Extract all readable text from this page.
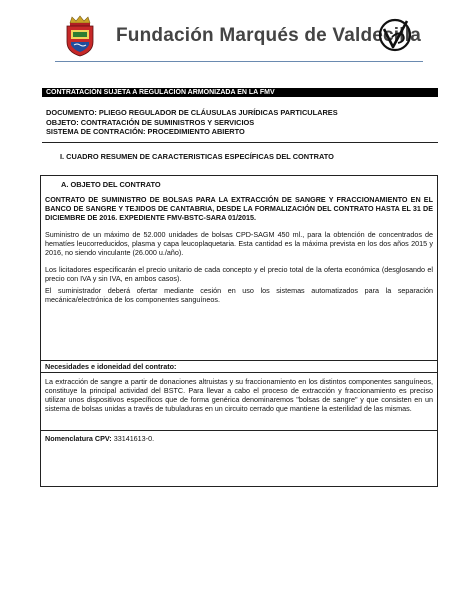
Fundación Marqués de Valdecilla
CONTRATACIÓN SUJETA A REGULACIÓN ARMONIZADA EN LA FMV
DOCUMENTO: PLIEGO REGULADOR DE CLÁUSULAS JURÍDICAS PARTICULARES
OBJETO: CONTRATACIÓN DE SUMINISTROS Y SERVICIOS
SISTEMA DE CONTRACIÓN: PROCEDIMIENTO ABIERTO
I. CUADRO RESUMEN DE CARACTERISTICAS ESPECÍFICAS DEL CONTRATO
A. OBJETO DEL CONTRATO

CONTRATO DE SUMINISTRO DE BOLSAS PARA LA EXTRACCIÓN DE SANGRE Y FRACCIONAMIENTO EN EL BANCO DE SANGRE Y TEJIDOS DE CANTABRIA, DESDE LA FORMALIZACIÓN DEL CONTRATO HASTA EL 31 DE DICIEMBRE DE 2016. EXPEDIENTE FMV-BSTC-SARA 01/2015.

Suministro de un máximo de 52.000 unidades de bolsas CPD-SAGM 450 ml., para la obtención de concentrados de hematíes leucorreducidos, plasma y capa leucoplaquetaria. Esta cantidad es la máxima prevista en los dos años 2015 y 2016, no siendo vinculante (26.000 u./año).

Los licitadores especificarán el precio unitario de cada concepto y el precio total de la oferta económica (desglosando el precio con IVA y sin IVA, en ambos casos).

El suministrador deberá ofertar mediante cesión en uso los sistemas automatizados para la separación mecánica/electrónica de los componentes sanguíneos.

Necesidades e idoneidad del contrato:

La extracción de sangre a partir de donaciones altruistas y su fraccionamiento en los distintos componentes sanguíneos, constituye la principal actividad del BSTC. Para llevar a cabo el proceso de extracción y fraccionamiento es preciso utilizar unos dispositivos específicos que de forma genérica denominaremos "bolsas de sangre" y que consisten en un sistema de bolsas unidas a través de tubuladuras en un circuito cerrado que mantiene la esterilidad de las mismas.

Nomenclatura CPV: 33141613-0.
